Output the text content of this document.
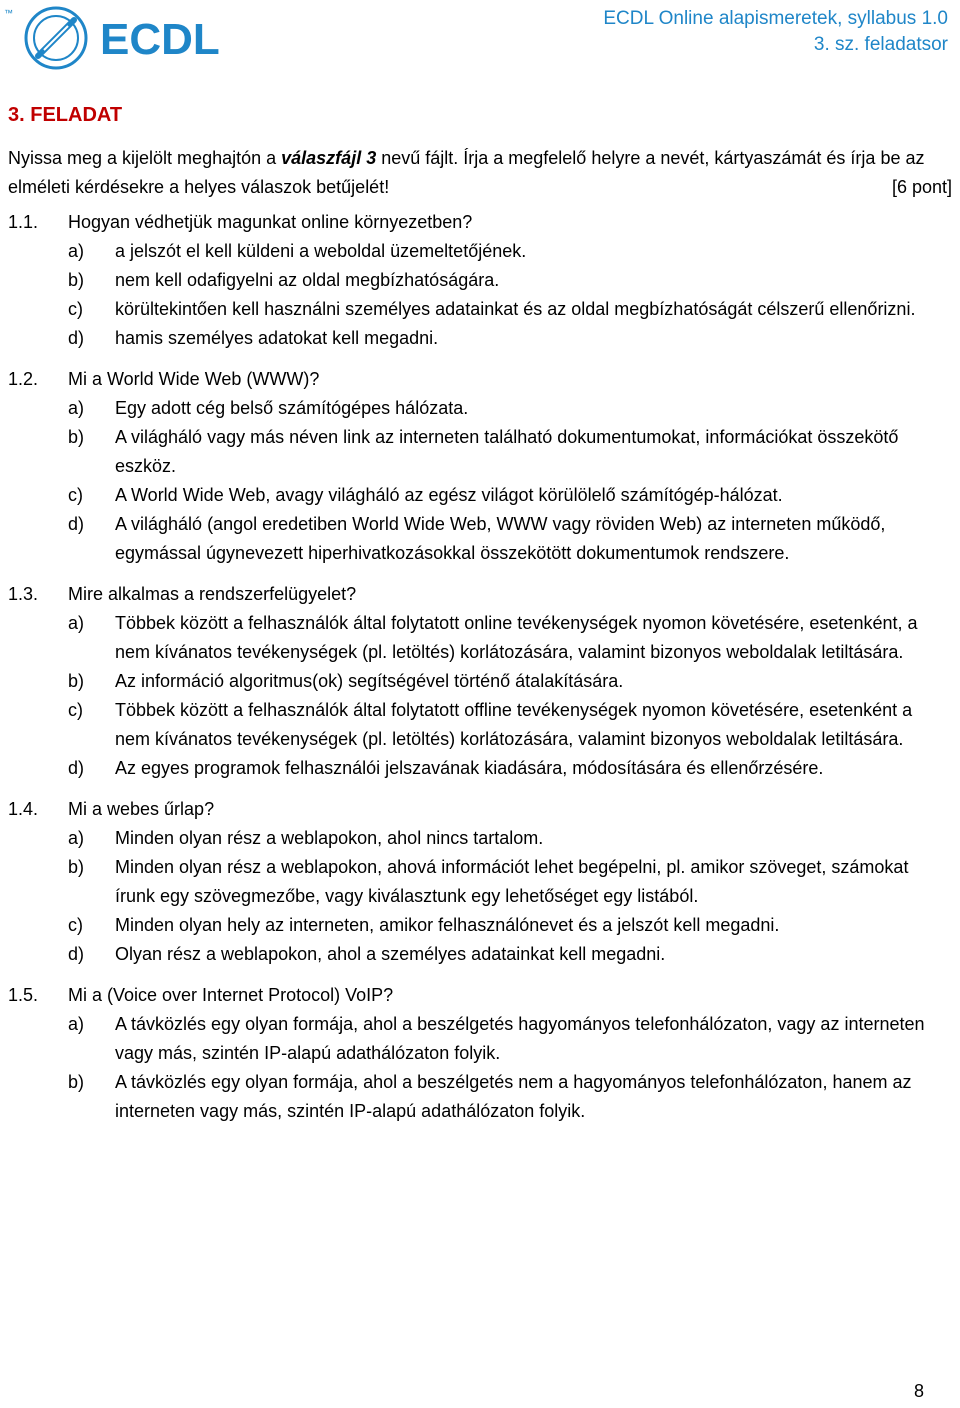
ECDL
™	ECDL Online alapismeretek, syllabus 1.0
3. sz. feladatsor
3. FELADAT
Nyissa meg a kijelölt meghajtón a válaszfájl 3 nevű fájlt. Írja a megfelelő helyre a nevét, kártyaszámát és írja be az elméleti kérdésekre a helyes válaszok betűjelét!	[6 pont]
1.1.	Hogyan védhetjük magunkat online környezetben?
a)	a jelszót el kell küldeni a weboldal üzemeltetőjének.
b)	nem kell odafigyelni az oldal megbízhatóságára.
c)	körültekintően kell használni személyes adatainkat és az oldal megbízhatóságát célszerű ellenőrizni.
d)	hamis személyes adatokat kell megadni.
1.2.	Mi a World Wide Web (WWW)?
a)	Egy adott cég belső számítógépes hálózata.
b)	A világháló vagy más néven link az interneten található dokumentumokat, információkat összekötő eszköz.
c)	A World Wide Web, avagy világháló az egész világot körülölelő számítógép-hálózat.
d)	A világháló (angol eredetiben World Wide Web, WWW vagy röviden Web) az interneten működő, egymással úgynevezett hiperhivatkozásokkal összekötött dokumentumok rendszere.
1.3.	Mire alkalmas a rendszerfelügyelet?
a)	Többek között a felhasználók által folytatott online tevékenységek nyomon követésére, esetenként, a nem kívánatos tevékenységek (pl. letöltés) korlátozására, valamint bizonyos weboldalak letiltására.
b)	Az információ algoritmus(ok) segítségével történő átalakítására.
c)	Többek között a felhasználók által folytatott offline tevékenységek nyomon követésére, esetenként a nem kívánatos tevékenységek (pl. letöltés) korlátozására, valamint bizonyos weboldalak letiltására.
d)	Az egyes programok felhasználói jelszavának kiadására, módosítására és ellenőrzésére.
1.4.	Mi a webes űrlap?
a)	Minden olyan rész a weblapokon, ahol nincs tartalom.
b)	Minden olyan rész a weblapokon, ahová információt lehet begépelni, pl. amikor szöveget, számokat írunk egy szövegmezőbe, vagy kiválasztunk egy lehetőséget egy listából.
c)	Minden olyan hely az interneten, amikor felhasználónevet és a jelszót kell megadni.
d)	Olyan rész a weblapokon, ahol a személyes adatainkat kell megadni.
1.5.	Mi a (Voice over Internet Protocol) VoIP?
a)	A távközlés egy olyan formája, ahol a beszélgetés hagyományos telefonhálózaton, vagy az interneten vagy más, szintén IP-alapú adathálózaton folyik.
b)	A távközlés egy olyan formája, ahol a beszélgetés nem a hagyományos telefonhálózaton, hanem az interneten vagy más, szintén IP-alapú adathálózaton folyik.
8
